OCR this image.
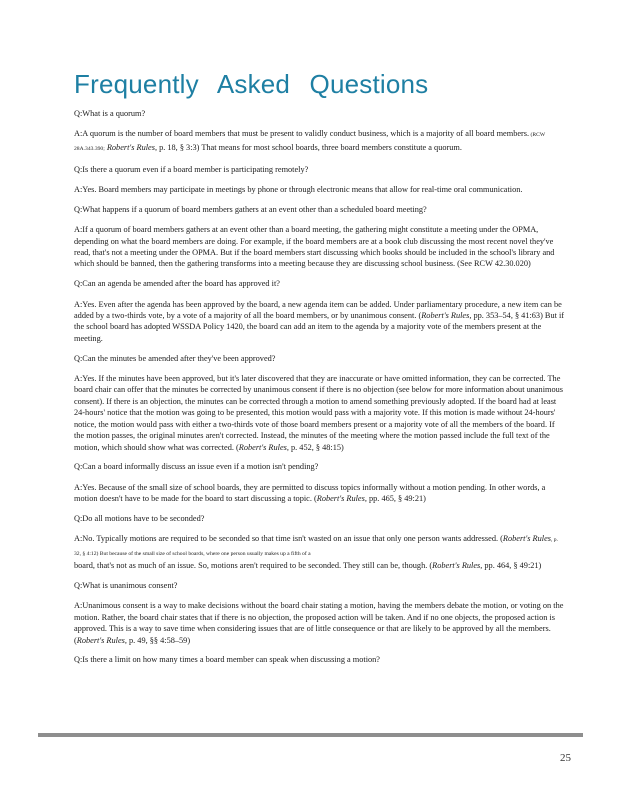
Frequently Asked Questions

Q:What is a quorum?

A:A quorum is the number of board members that must be present to validly conduct business, which is a majority of all board members. (RCW 28A.343.390; Robert's Rules, p. 18, § 3:3) That means for most school boards, three board members constitute a quorum.

Q:Is there a quorum even if a board member is participating remotely?

A:Yes. Board members may participate in meetings by phone or through electronic means that allow for real-time oral communication.

Q:What happens if a quorum of board members gathers at an event other than a scheduled board meeting?

A:If a quorum of board members gathers at an event other than a board meeting, the gathering might constitute a meeting under the OPMA, depending on what the board members are doing. For example, if the board members are at a book club discussing the most recent novel they've read, that's not a meeting under the OPMA. But if the board members start discussing which books should be included in the school's library and which should be banned, then the gathering transforms into a meeting because they are discussing school business. (See RCW 42.30.020)

Q:Can an agenda be amended after the board has approved it?

A:Yes. Even after the agenda has been approved by the board, a new agenda item can be added. Under parliamentary procedure, a new item can be added by a two-thirds vote, by a vote of a majority of all the board members, or by unanimous consent. (Robert's Rules, pp. 353–54, § 41:63) But if the school board has adopted WSSDA Policy 1420, the board can add an item to the agenda by a majority vote of the members present at the meeting.

Q:Can the minutes be amended after they've been approved?

A:Yes. If the minutes have been approved, but it's later discovered that they are inaccurate or have omitted information, they can be corrected. The board chair can offer that the minutes be corrected by unanimous consent if there is no objection (see below for more information about unanimous consent). If there is an objection, the minutes can be corrected through a motion to amend something previously adopted. If the board had at least 24-hours' notice that the motion was going to be presented, this motion would pass with a majority vote. If this motion is made without 24-hours' notice, the motion would pass with either a two-thirds vote of those board members present or a majority vote of all the members of the board. If the motion passes, the original minutes aren't corrected. Instead, the minutes of the meeting where the motion passed include the full text of the motion, which should show what was corrected. (Robert's Rules, p. 452, § 48:15)

Q:Can a board informally discuss an issue even if a motion isn't pending?

A:Yes. Because of the small size of school boards, they are permitted to discuss topics informally without a motion pending. In other words, a motion doesn't have to be made for the board to start discussing a topic. (Robert's Rules, pp. 465, § 49:21)

Q:Do all motions have to be seconded?

A:No. Typically motions are required to be seconded so that time isn't wasted on an issue that only one person wants addressed. (Robert's Rules, p. 32, § 4:12) But because of the small size of school boards, where one person usually makes up a fifth of a
board, that's not as much of an issue. So, motions aren't required to be seconded. They still can be, though. (Robert's Rules, pp. 464, § 49:21)

Q:What is unanimous consent?

A:Unanimous consent is a way to make decisions without the board chair stating a motion, having the members debate the motion, or voting on the motion. Rather, the board chair states that if there is no objection, the proposed action will be taken. And if no one objects, the proposed action is approved. This is a way to save time when considering issues that are of little consequence or that are likely to be approved by all the members. (Robert's Rules, p. 49, §§ 4:58–59)

Q:Is there a limit on how many times a board member can speak when discussing a motion?

25
